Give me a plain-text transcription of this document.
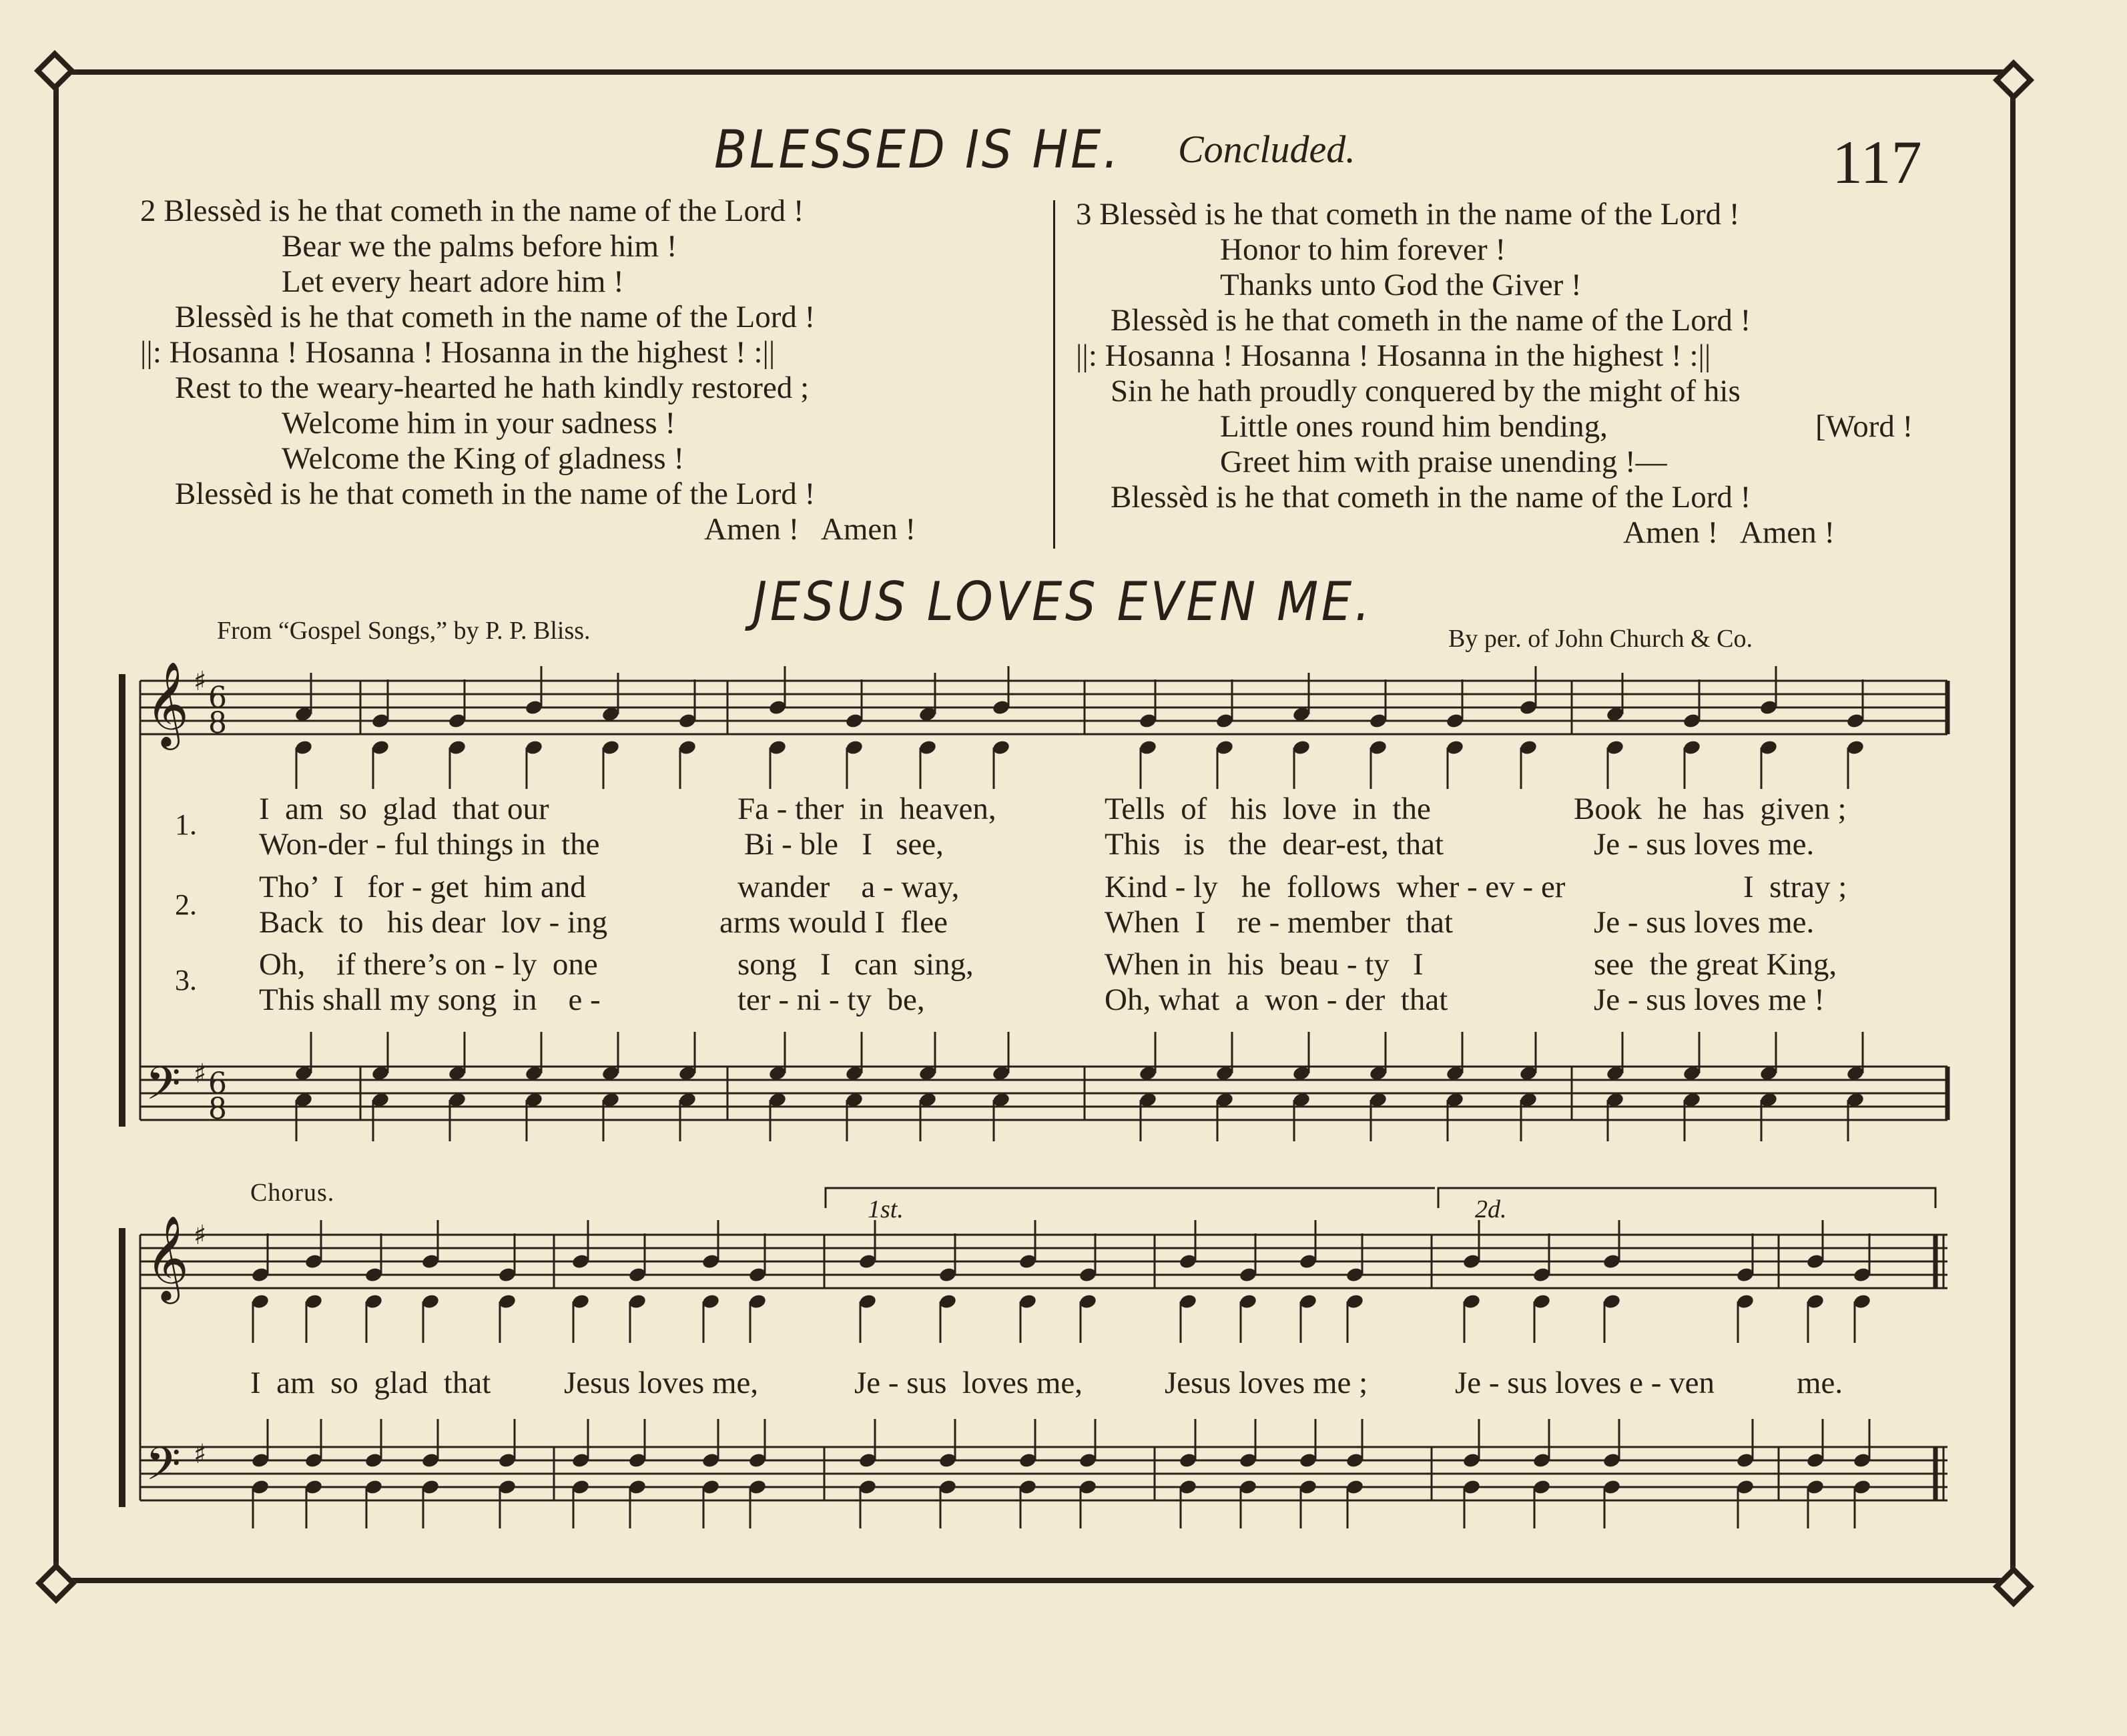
BLESSED IS HE. Concluded.	117
2 Blessèd is he that cometh in the name of the Lord !
Bear we the palms before him !
Let every heart adore him !
Blessèd is he that cometh in the name of the Lord !
||: Hosanna ! Hosanna ! Hosanna in the highest ! :||
Rest to the weary-hearted he hath kindly restored ;
Welcome him in your sadness !
Welcome the King of gladness !
Blessèd is he that cometh in the name of the Lord !
Amen !   Amen !
3 Blessèd is he that cometh in the name of the Lord !
Honor to him forever !
Thanks unto God the Giver !
Blessèd is he that cometh in the name of the Lord !
||: Hosanna ! Hosanna ! Hosanna in the highest ! :||
Sin he hath proudly conquered by the might of his
Little ones round him bending,	[Word !
Greet him with praise unending !—
Blessèd is he that cometh in the name of the Lord !
Amen !   Amen !
JESUS LOVES EVEN ME.
From “Gospel Songs,” by P. P. Bliss.	By per. of John Church & Co.
𝄞
𝄢
6
8
6
8
♯
♯
𝄞
𝄢
♯
♯
1.
2.
3.
I  am  so  glad  that our	Fa - ther  in  heaven,	Tells  of   his  love  in  the	Book  he  has  given ;
Won-der - ful things in  the	Bi - ble   I   see,	This   is   the  dear-est, that	Je - sus loves me.
Tho’  I   for - get  him and	wander    a - way,	Kind - ly   he  follows  wher - ev - er	I  stray ;
Back  to   his dear  lov - ing	arms would I  flee	When  I    re - member  that	Je - sus loves me.
Oh,    if there’s on - ly  one	song   I   can  sing,	When in  his  beau - ty   I	see  the great King,
This shall my song  in    e -	ter - ni - ty  be,	Oh, what  a  won - der  that	Je - sus loves me !
Chorus.
1st.	2d.
I  am  so  glad  that Jesus loves me,	Je - sus  loves me,	Jesus loves me ;	Je - sus loves e - ven	me.
